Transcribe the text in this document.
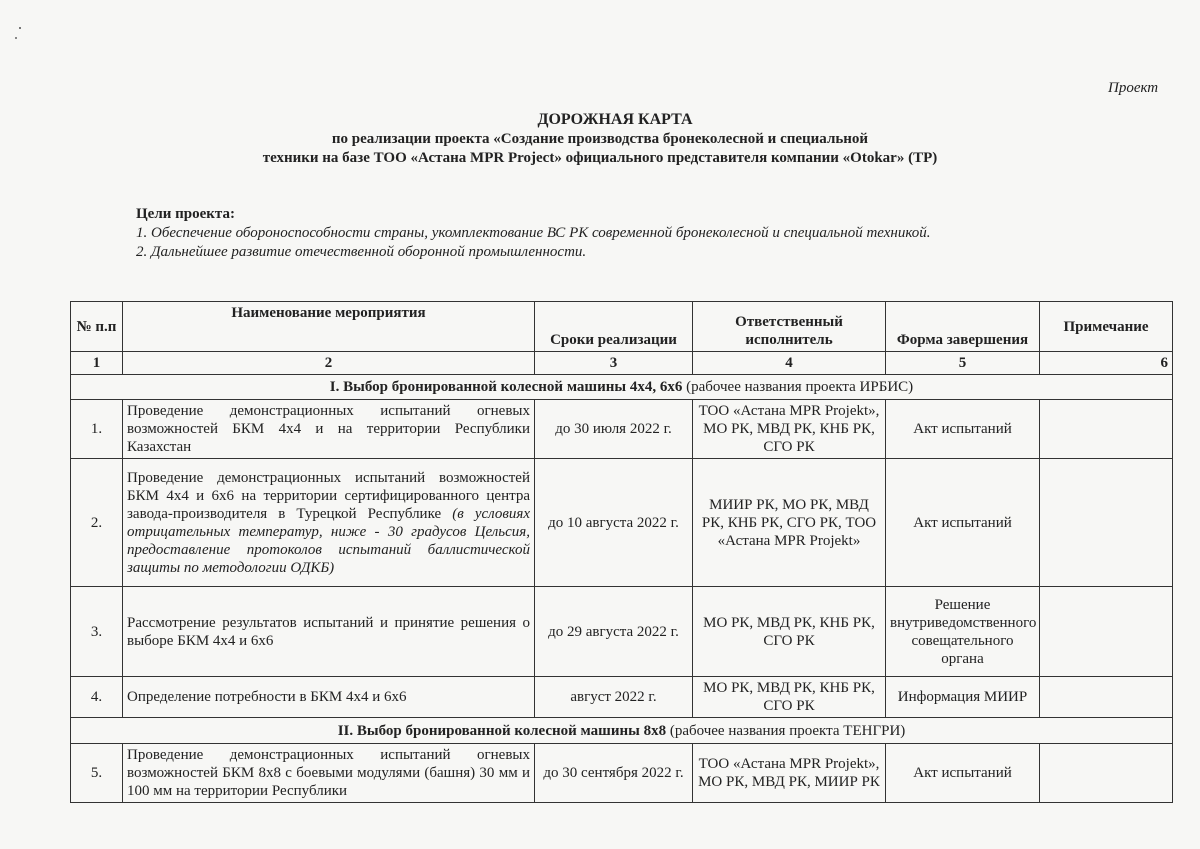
Проект
ДОРОЖНАЯ КАРТА
по реализации проекта «Создание производства бронеколесной и специальной
техники на базе ТОО «Астана MPR Project» официального представителя компании «Otokar» (ТР)
Цели проекта:
1. Обеспечение обороноспособности страны, укомплектование ВС РК современной бронеколесной и специальной техникой.
2. Дальнейшее развитие отечественной оборонной промышленности.
№ п.п	Наименование мероприятия	Сроки реализации	Ответственный исполнитель	Форма завершения	Примечание
1	2	3	4	5	6
I. Выбор бронированной колесной машины 4x4, 6x6 (рабочее названия проекта ИРБИС)					
1.	Проведение демонстрационных испытаний огневых возможностей БКМ 4x4 и на территории Республики Казахстан	до 30 июля 2022 г.	ТОО «Астана MPR Projekt», МО РК, МВД РК, КНБ РК, СГО РК	Акт испытаний	
2.	Проведение демонстрационных испытаний возможностей БКМ 4x4 и 6x6 на территории сертифицированного центра завода-производителя в Турецкой Республике (в условиях отрицательных температур, ниже - 30 градусов Цельсия, предоставление протоколов испытаний баллистической защиты по методологии ОДКБ)	до 10 августа 2022 г.	МИИР РК, МО РК, МВД РК, КНБ РК, СГО РК, ТОО «Астана MPR Projekt»	Акт испытаний	
3.	Рассмотрение результатов испытаний и принятие решения о выборе БКМ 4x4 и 6x6	до 29 августа 2022 г.	МО РК, МВД РК, КНБ РК, СГО РК	Решение внутриведомственного совещательного органа	
4.	Определение потребности в БКМ 4x4 и 6x6	август 2022 г.	МО РК, МВД РК, КНБ РК, СГО РК	Информация МИИР	
II. Выбор бронированной колесной машины 8x8 (рабочее названия проекта ТЕНГРИ)					
5.	Проведение демонстрационных испытаний огневых возможностей БКМ 8x8 с боевыми модулями (башня) 30 мм и 100 мм на территории Республики	до 30 сентября 2022 г.	ТОО «Астана MPR Projekt», МО РК, МВД РК, МИИР РК	Акт испытаний	
